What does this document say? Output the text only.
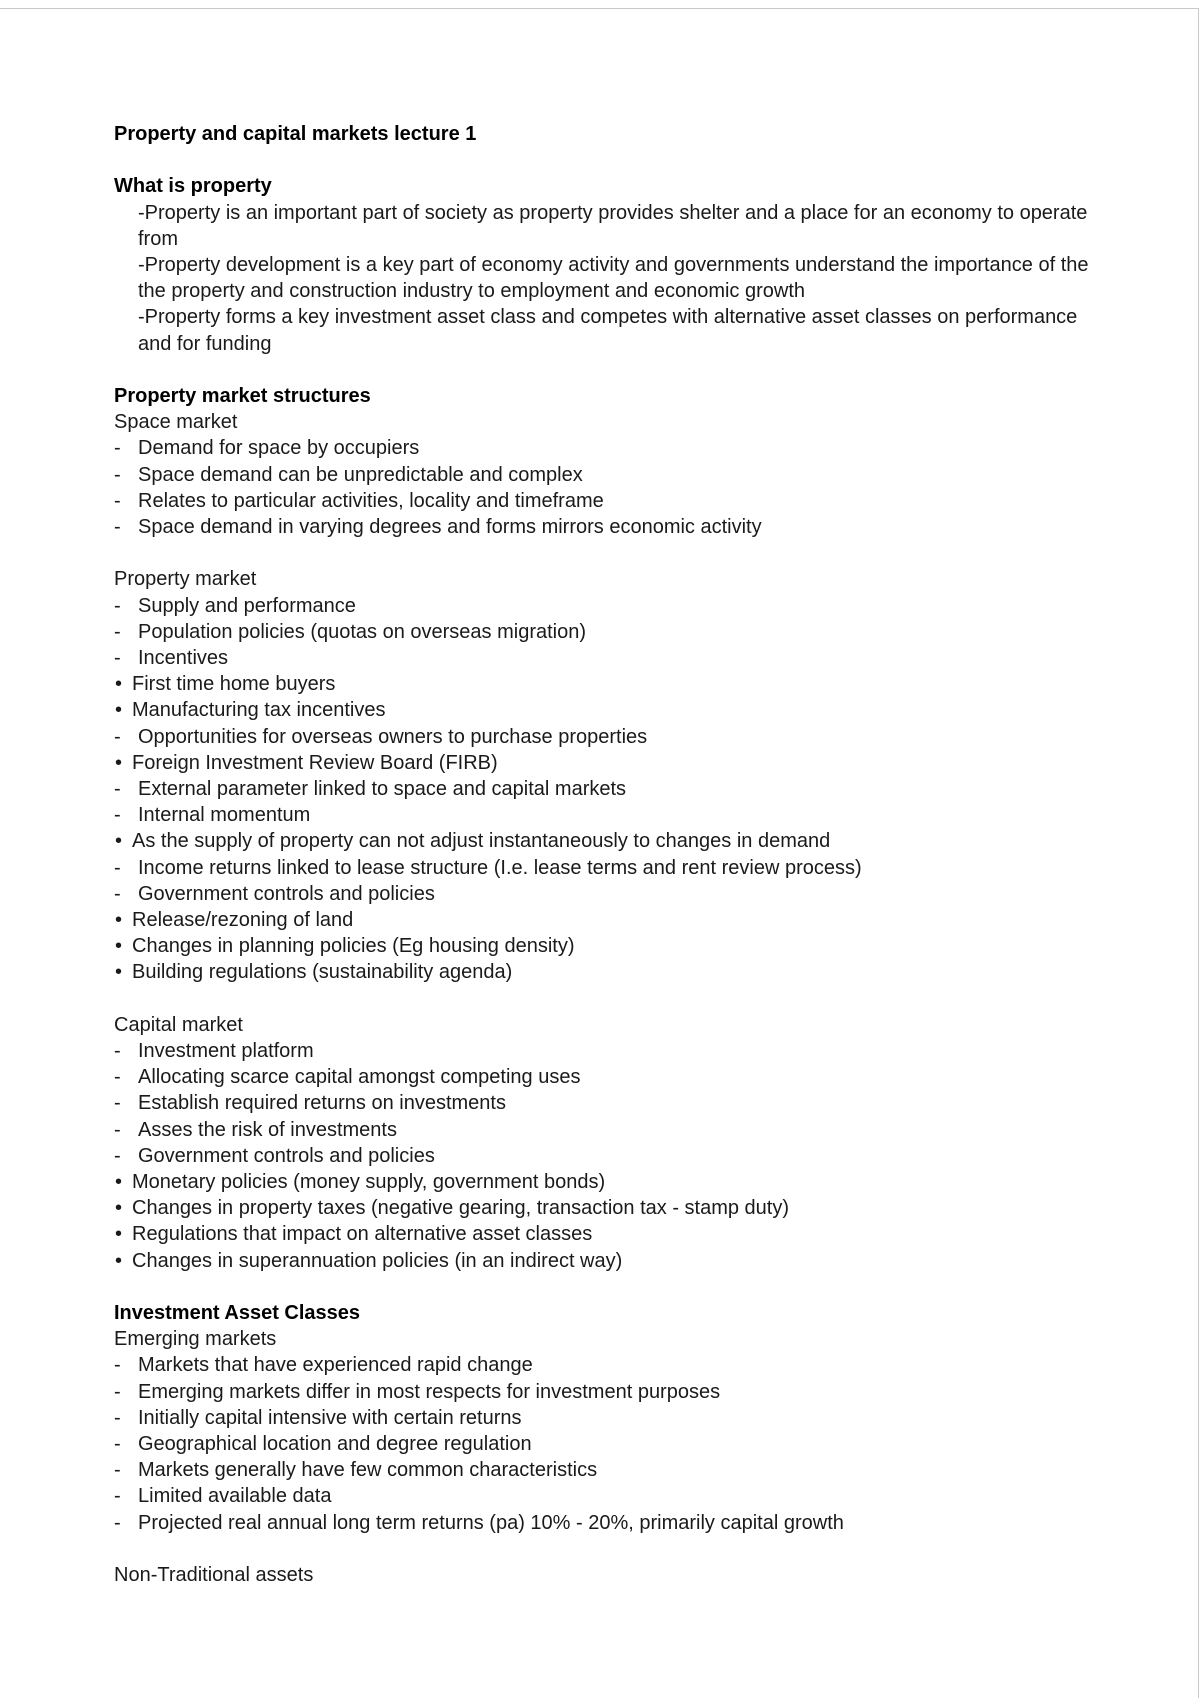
Property and capital markets lecture 1
What is property
-Property is an important part of society as property provides shelter and a place for an economy to operate from
-Property development is a key part of economy activity and governments understand the importance of the the property and construction industry to employment and economic growth
-Property forms a key investment asset class and competes with alternative asset classes on performance and for funding
Property market structures
Space market
- Demand for space by occupiers
- Space demand can be unpredictable and complex
- Relates to particular activities, locality and timeframe
- Space demand in varying degrees and forms mirrors economic activity
Property market
- Supply and performance
- Population policies (quotas on overseas migration)
- Incentives
• First time home buyers
• Manufacturing tax incentives
- Opportunities for overseas owners to purchase properties
• Foreign Investment Review Board (FIRB)
- External parameter linked to space and capital markets
- Internal momentum
• As the supply of property can not adjust instantaneously to changes in demand
- Income returns linked to lease structure (I.e. lease terms and rent review process)
- Government controls and policies
• Release/rezoning of land
• Changes in planning policies (Eg housing density)
• Building regulations (sustainability agenda)
Capital market
- Investment platform
- Allocating scarce capital amongst competing uses
- Establish required returns on investments
- Asses the risk of investments
- Government controls and policies
• Monetary policies (money supply, government bonds)
• Changes in property taxes (negative gearing, transaction tax - stamp duty)
• Regulations that impact on alternative asset classes
• Changes in superannuation policies (in an indirect way)
Investment Asset Classes
Emerging markets
- Markets that have experienced rapid change
- Emerging markets differ in most respects for investment purposes
- Initially capital intensive with certain returns
- Geographical location and degree regulation
- Markets generally have few common characteristics
- Limited available data
- Projected real annual long term returns (pa) 10% - 20%, primarily capital growth
Non-Traditional assets
